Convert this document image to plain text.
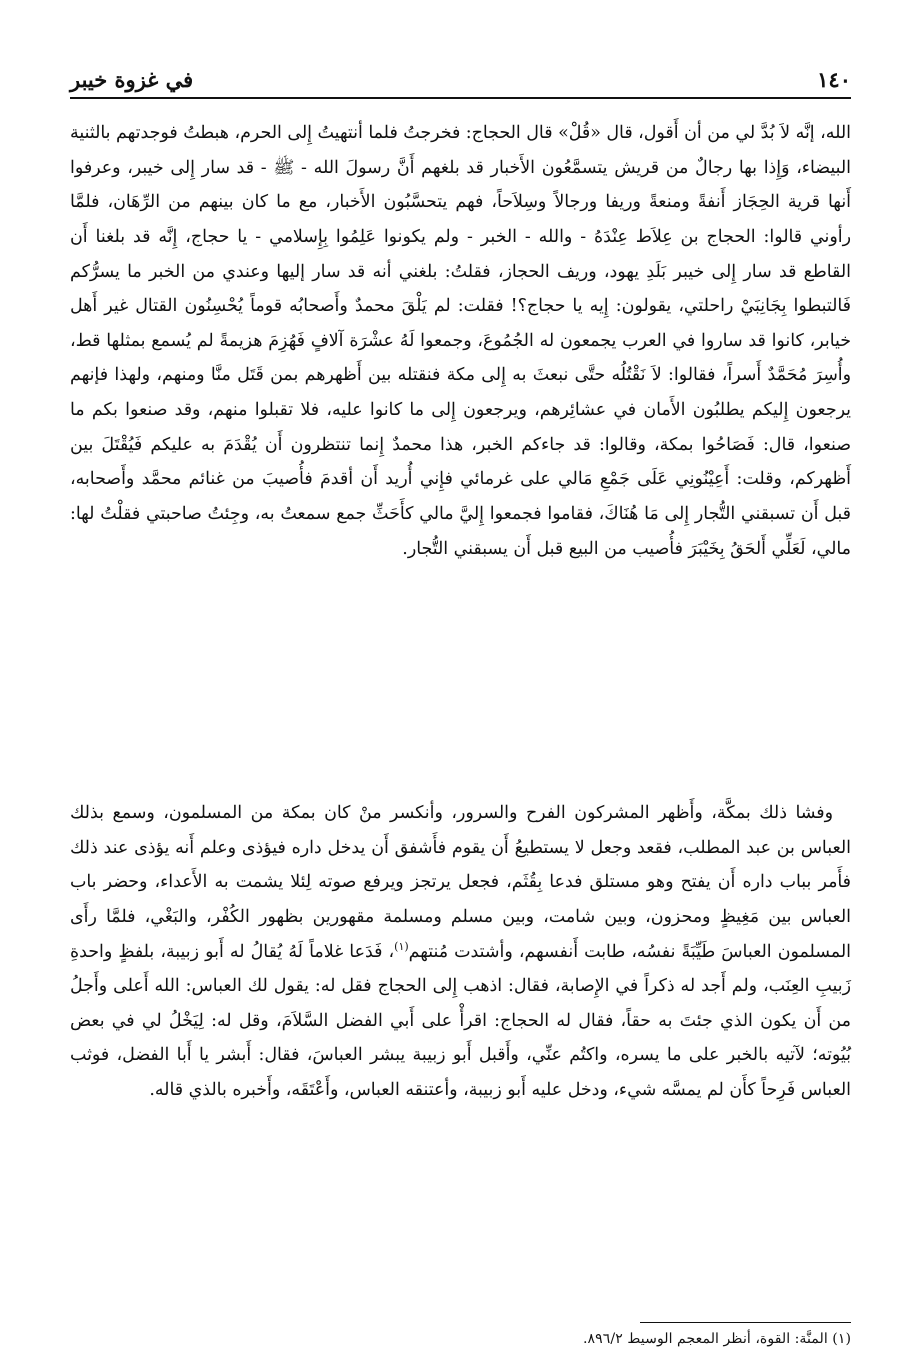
١٤٠
في غزوة خيبر
الله، إنَّه لاَ بُدَّ لي من أن أَقول، قال «قُلْ» قال الحجاج: فخرجتُ فلما أنتهيتُ إِلى الحرم، هبطتُ فوجدتهم بالثنية البيضاء، وَإِذا بها رجالٌ من قريش يتسمَّعُون الأَخبار قد بلغهم أَنَّ رسولَ الله - ﷺ - قد سار إِلى خيبر، وعرفوا أَنها قرية الحِجَاز أَنفةً ومنعةً وريفا ورجالاً وسِلاَحاً، فهم يتحسَّبُون الأَخبار، مع ما كان بينهم من الرِّهَان، فلمَّا رأوني قالوا: الحجاج بن عِلاَط عِنْدَهُ - والله - الخبر - ولم يكونوا عَلِمُوا بِإِسلامي - يا حجاج، إِنَّه قد بلغنا أَن القاطع قد سار إِلى خيبر بَلَدِ يهود، وريف الحجاز، فقلتُ: بلغني أنه قد سار إليها وعندي من الخبر ما يسرُّكم فَالتبطوا بِجَانِبَيْ راحلتي، يقولون: إِيه يا حجاج؟! فقلت: لم يَلْقَ محمدٌ وأَصحابُه قوماً يُحْسِنُون القتال غير أَهل خيابر، كانوا قد ساروا في العرب يجمعون له الجُمُوعَ، وجمعوا لَهُ عشْرَة آلافٍ فَهُزِمَ هزيمةً لم يُسمع بمثلها قط، وأُسِرَ مُحَمَّدٌ أَسراً، فقالوا: لاَ نَقْتُلُه حتَّى نبعثَ به إِلى مكة فنقتله بين أَظهرهم بمن قَتَل منَّا ومنهم، ولهذا فإنهم يرجعون إِليكم يطلبُون الأَمان في عشائِرهم، ويرجعون إِلى ما كانوا عليه، فلا تقبلوا منهم، وقد صنعوا بكم ما صنعوا، قال: فَصَاحُوا بمكة، وقالوا: قد جاءكم الخبر، هذا محمدٌ إِنما تنتظرون أَن يُقْدَمَ به عليكم فَيُقْتَلَ بين أَظهركم، وقلت: أَعِيْنُونِي عَلَى جَمْعِ مَالي على غرمائي فإِني أُريد أَن أقدمَ فأُصيبَ من غنائم محمَّد وأَصحابه، قبل أَن تسبقني التُّجار إِلى مَا هُنَاكَ، فقاموا فجمعوا إِليَّ مالي كأَحَثِّ جمع سمعتُ به، وجِئتُ صاحبتي فقلْتُ لها: مالي، لَعَلِّي أَلحَقُ بِخَيْبَرَ فأُصيب من البيع قبل أَن يسبقني التُّجار.
وفشا ذلك بمكَّة، وأَظهر المشركون الفرح والسرور، وأنكسر منْ كان بمكة من المسلمون، وسمع بذلك العباس بن عبد المطلب، فقعد وجعل لا يستطيعُ أَن يقوم فأَشفق أَن يدخل داره فيؤذى وعلم أَنه يؤذى عند ذلك فأَمر بباب داره أَن يفتح وهو مستلق فدعا بِقُثَم، فجعل يرتجز ويرفع صوته لِئلا يشمت به الأَعداء، وحضر باب العباس بين مَغِيظٍ ومحزون، وبين شامت، وبين مسلم ومسلمة مقهورين بظهور الكُفْر، والبَغْي، فلمَّا رأَى المسلمون العباسَ طَيِّبَةً نفسُه، طابت أَنفسهم، وأشتدت مُنتهم$^{(١)}$، فَدَعا غلاماً لَهُ يُقالُ له أَبو زبيبة، بلفظٍ واحدةِ زَبيبِ العِنَب، ولم أَجد له ذكراً في الإِصابة، فقال: اذهب إِلى الحجاج فقل له: يقول لك العباس: الله أَعلى وأَجلُ من أَن يكون الذي جئتَ به حقاً، فقال له الحجاج: اقرأْ على أَبي الفضل السَّلاَمَ، وقل له: لِيَخْلُ لي في بعض بُيُوته؛ لآتيه بالخبر على ما يسره، واكتُم عنِّي، وأَقبل أَبو زبيبة يبشر العباسَ، فقال: أَبشر يا أَبا الفضل، فوثب العباس فَرِحاً كأَن لم يمسَّه شيء، ودخل عليه أَبو زبيبة، وأعتنقه العباس، وأَعْتَقَه، وأَخبره بالذي قاله.
(١) المنَّة: القوة، أنظر المعجم الوسيط ٨٩٦/٢.
